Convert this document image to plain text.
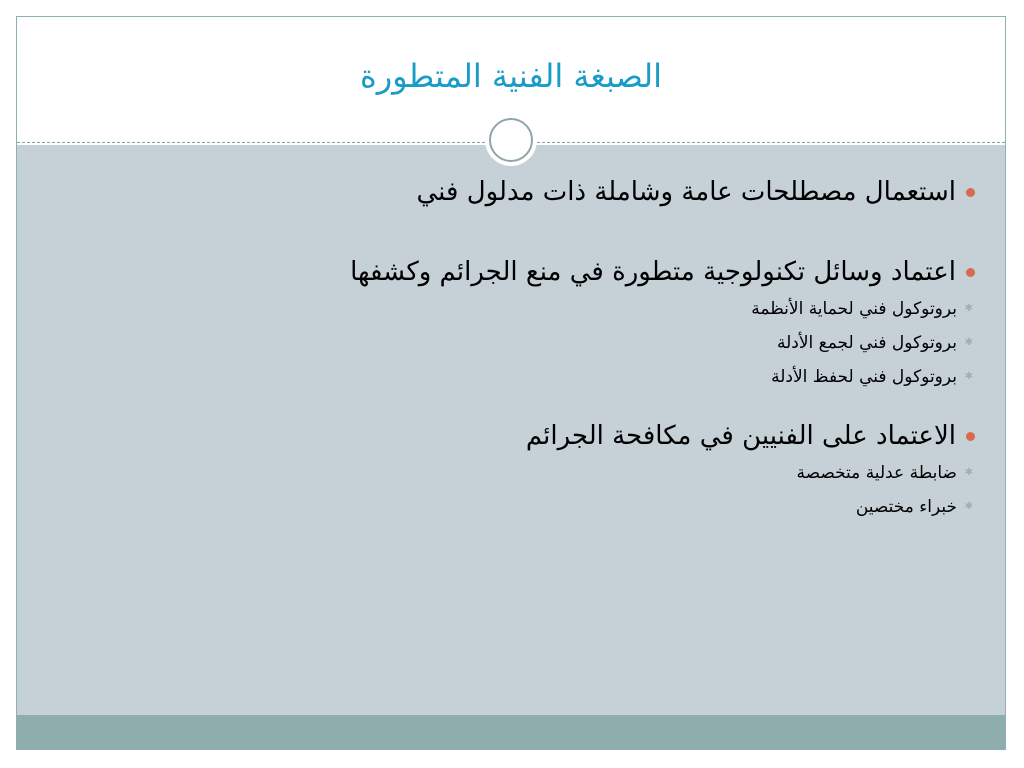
الصبغة الفنية المتطورة
استعمال مصطلحات عامة وشاملة ذات مدلول فني
اعتماد وسائل تكنولوجية متطورة في منع الجرائم وكشفها
✱
بروتوكول فني لحماية الأنظمة
✱
بروتوكول فني لجمع الأدلة
✱
بروتوكول فني لحفظ الأدلة
الاعتماد على الفنيين في مكافحة الجرائم
✱
ضابطة عدلية متخصصة
✱
خبراء مختصين
